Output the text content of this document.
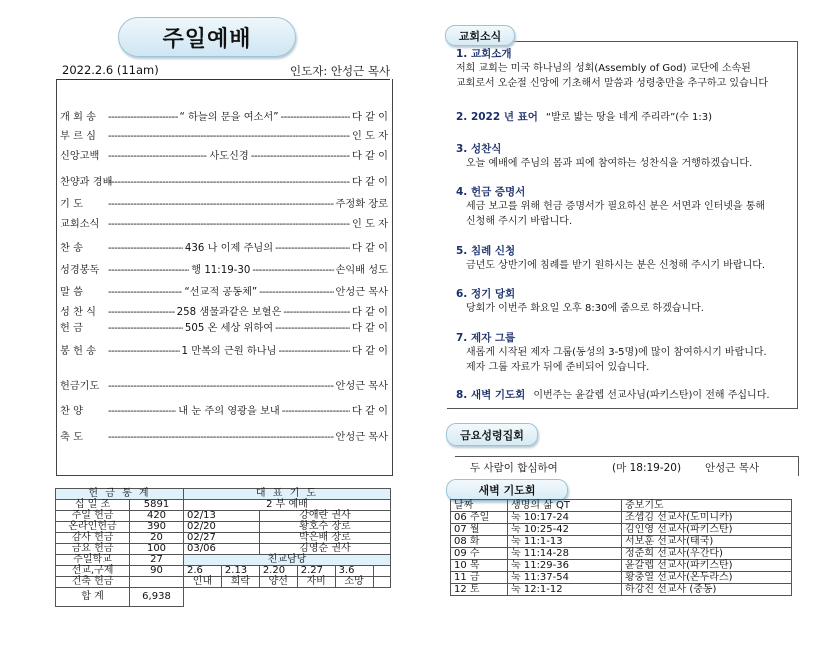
주일예배
2022.2.6 (11am)	인도자: 안성근 목사
개 회 송 -----	“ 하늘의 문을 여소서” -----	다 같 이
부 르 심 -----	인 도 자
신앙고백 -----	사도신경 -----	다 같 이
찬양과 경배 -----	다 같 이
기 도 -----	주정화 장로
교회소식 -----	인 도 자
찬 송 -----	436 나 이제 주님의 -----	다 같 이
성경봉독 -----	행 11:19-30 -----	손익배 성도
말 씀 -----	“선교적 공동체” -----	안성근 목사
성 찬 식 -----	258 샘물과같은 보혈은 -----	다 같 이
헌 금 -----	505 온 세상 위하여 -----	다 같 이
봉 헌 송 -----	1 만복의 근원 하나님 -----	다 같 이
헌금기도 -----	안성근 목사
찬 양 -----	내 눈 주의 영광을 보내 -----	다 같 이
축 도 -----	안성근 목사
헌 금 통 계		대 표 기 도					
십 일 조	5891	2 부 예배					
주일 헌금	420	02/13		강애란 권사			
온라인헌금	390	02/20		황호수 장로			
감사 헌금	20	02/27		박은배 장로			
금요 헌금	100	03/06		김영순 권사			
주일학교	27	친교담당					
선교,구제	90	2.6	2.13	2.20	2.27	3.6	
건축 헌금		인내	희락	양선	자비	소망	
합 계	6,938						
교회소식
1. 교회소개
저희 교회는 미국 하나님의 성회(Assembly of God) 교단에 소속된
교회로서 오순절 신앙에 기초해서 말씀과 성령충만을 추구하고 있습니다
2. 2022 년 표어 “발로 밟는 땅을 네게 주리라”(수 1:3)
3. 성찬식
오늘 예배에 주님의 몸과 피에 참여하는 성찬식을 거행하겠습니다.
4. 헌금 증명서
세금 보고를 위해 헌금 증명서가 필요하신 분은 서면과 인터넷을 통해
신청해 주시기 바랍니다.
5. 침례 신청
금년도 상반기에 침례를 받기 원하시는 분은 신청해 주시기 바랍니다.
6. 정기 당회
당회가 이번주 화요일 오후 8:30에 줌으로 하겠습니다.
7. 제자 그룹
새롭게 시작된 제자 그룹(동성의 3-5명)에 많이 참여하시기 바랍니다.
제자 그룹 자료가 뒤에 준비되어 있습니다.
8. 새벽 기도회 이번주는 윤갈렙 선교사님(파키스탄)이 전해 주십니다.
금요성령집회
두 사람이 합심하여	(마 18:19-20) 안성근 목사
새벽 기도회
날짜	생명의 삶 QT	중보기도
06 주일	눅 10:17-24	조셉김 선교사(도미니카)
07 월	눅 10:25-42	김인영 선교사(파키스탄)
08 화	눅 11:1-13	서보훈 선교사(태국)
09 수	눅 11:14-28	정준희 선교사(우간다)
10 목	눅 11:29-36	윤갈렙 선교사(파키스탄)
11 금	눅 11:37-54	황충열 선교사(온두라스)
12 토	눅 12:1-12	하강진 선교사 (중동)
